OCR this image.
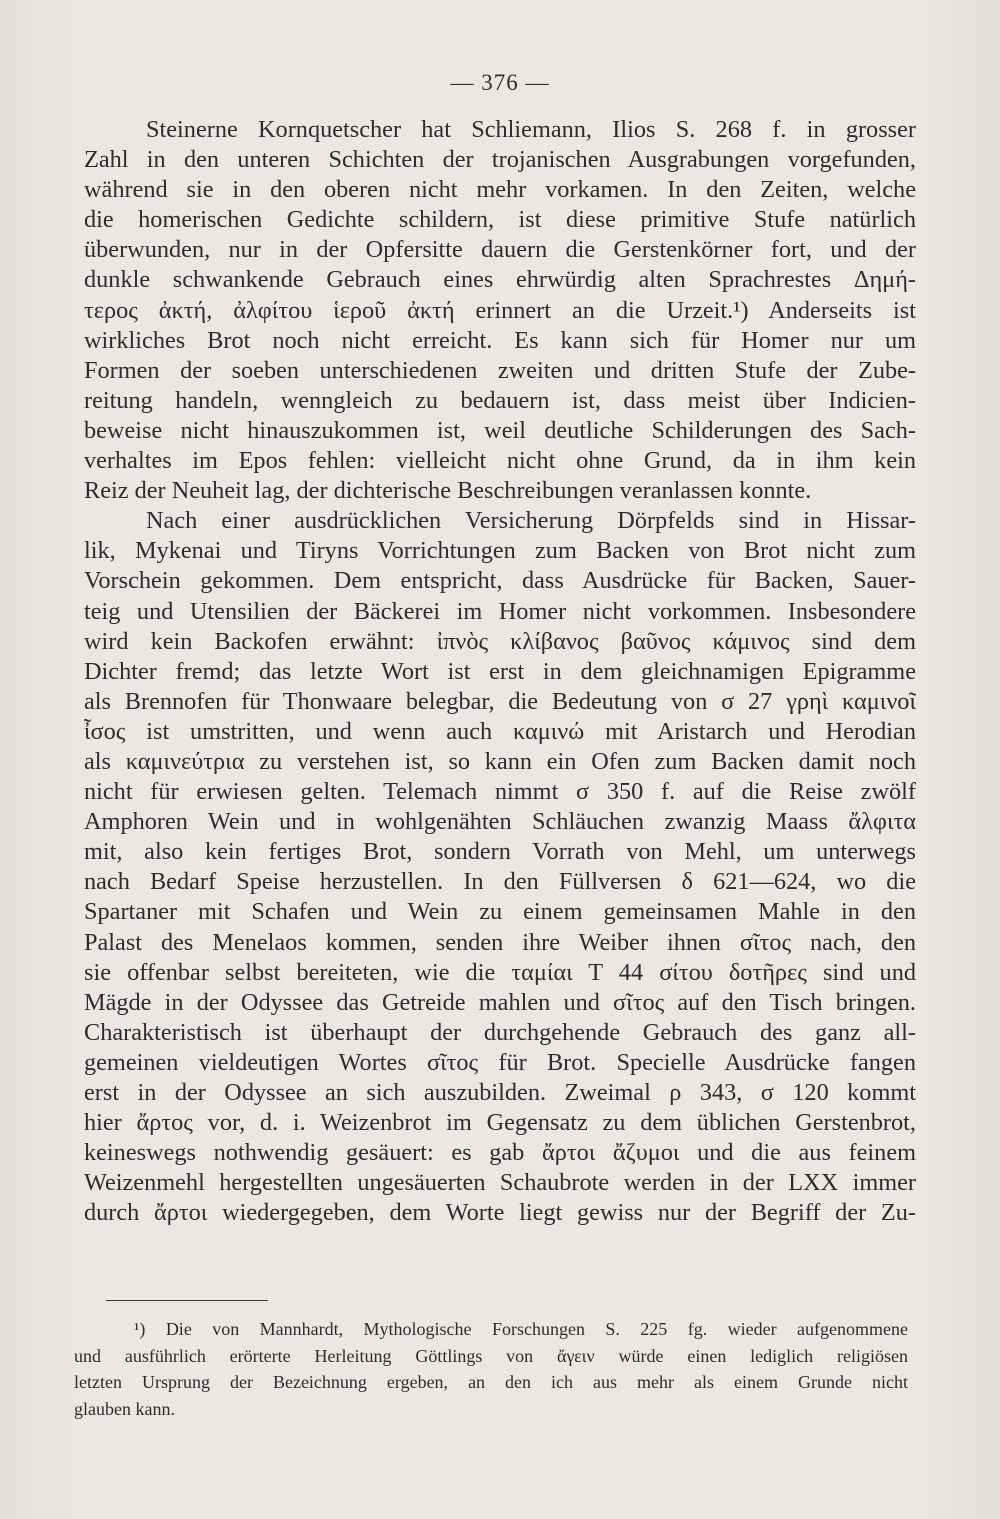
— 376 —
Steinerne Kornquetscher hat Schliemann, Ilios S. 268 f. in grosser
Zahl in den unteren Schichten der trojanischen Ausgrabungen vorgefunden,
während sie in den oberen nicht mehr vorkamen. In den Zeiten, welche
die homerischen Gedichte schildern, ist diese primitive Stufe natürlich
überwunden, nur in der Opfersitte dauern die Gerstenkörner fort, und der
dunkle schwankende Gebrauch eines ehrwürdig alten Sprachrestes Δημή-
τερος ἀκτή, ἀλφίτου ἱεροῦ ἀκτή erinnert an die Urzeit.¹) Anderseits ist
wirkliches Brot noch nicht erreicht. Es kann sich für Homer nur um
Formen der soeben unterschiedenen zweiten und dritten Stufe der Zube-
reitung handeln, wenngleich zu bedauern ist, dass meist über Indicien-
beweise nicht hinauszukommen ist, weil deutliche Schilderungen des Sach-
verhaltes im Epos fehlen: vielleicht nicht ohne Grund, da in ihm kein
Reiz der Neuheit lag, der dichterische Beschreibungen veranlassen konnte.
Nach einer ausdrücklichen Versicherung Dörpfelds sind in Hissar-
lik, Mykenai und Tiryns Vorrichtungen zum Backen von Brot nicht zum
Vorschein gekommen. Dem entspricht, dass Ausdrücke für Backen, Sauer-
teig und Utensilien der Bäckerei im Homer nicht vorkommen. Insbesondere
wird kein Backofen erwähnt: ἰπνὸς κλίβανος βαῦνος κάμινος sind dem
Dichter fremd; das letzte Wort ist erst in dem gleichnamigen Epigramme
als Brennofen für Thonwaare belegbar, die Bedeutung von σ 27 γρηὶ καμινοῖ
ἶσος ist umstritten, und wenn auch καμινώ mit Aristarch und Herodian
als καμινεύτρια zu verstehen ist, so kann ein Ofen zum Backen damit noch
nicht für erwiesen gelten. Telemach nimmt σ 350 f. auf die Reise zwölf
Amphoren Wein und in wohlgenähten Schläuchen zwanzig Maass ἄλφιτα
mit, also kein fertiges Brot, sondern Vorrath von Mehl, um unterwegs
nach Bedarf Speise herzustellen. In den Füllversen δ 621—624, wo die
Spartaner mit Schafen und Wein zu einem gemeinsamen Mahle in den
Palast des Menelaos kommen, senden ihre Weiber ihnen σῖτος nach, den
sie offenbar selbst bereiteten, wie die ταμίαι Τ 44 σίτου δοτῆρες sind und
Mägde in der Odyssee das Getreide mahlen und σῖτος auf den Tisch bringen.
Charakteristisch ist überhaupt der durchgehende Gebrauch des ganz all-
gemeinen vieldeutigen Wortes σῖτος für Brot. Specielle Ausdrücke fangen
erst in der Odyssee an sich auszubilden. Zweimal ρ 343, σ 120 kommt
hier ἄρτος vor, d. i. Weizenbrot im Gegensatz zu dem üblichen Gerstenbrot,
keineswegs nothwendig gesäuert: es gab ἄρτοι ἄζυμοι und die aus feinem
Weizenmehl hergestellten ungesäuerten Schaubrote werden in der LXX immer
durch ἄρτοι wiedergegeben, dem Worte liegt gewiss nur der Begriff der Zu-
¹) Die von Mannhardt, Mythologische Forschungen S. 225 fg. wieder aufgenommene
und ausführlich erörterte Herleitung Göttlings von ἄγειν würde einen lediglich religiösen
letzten Ursprung der Bezeichnung ergeben, an den ich aus mehr als einem Grunde nicht
glauben kann.
